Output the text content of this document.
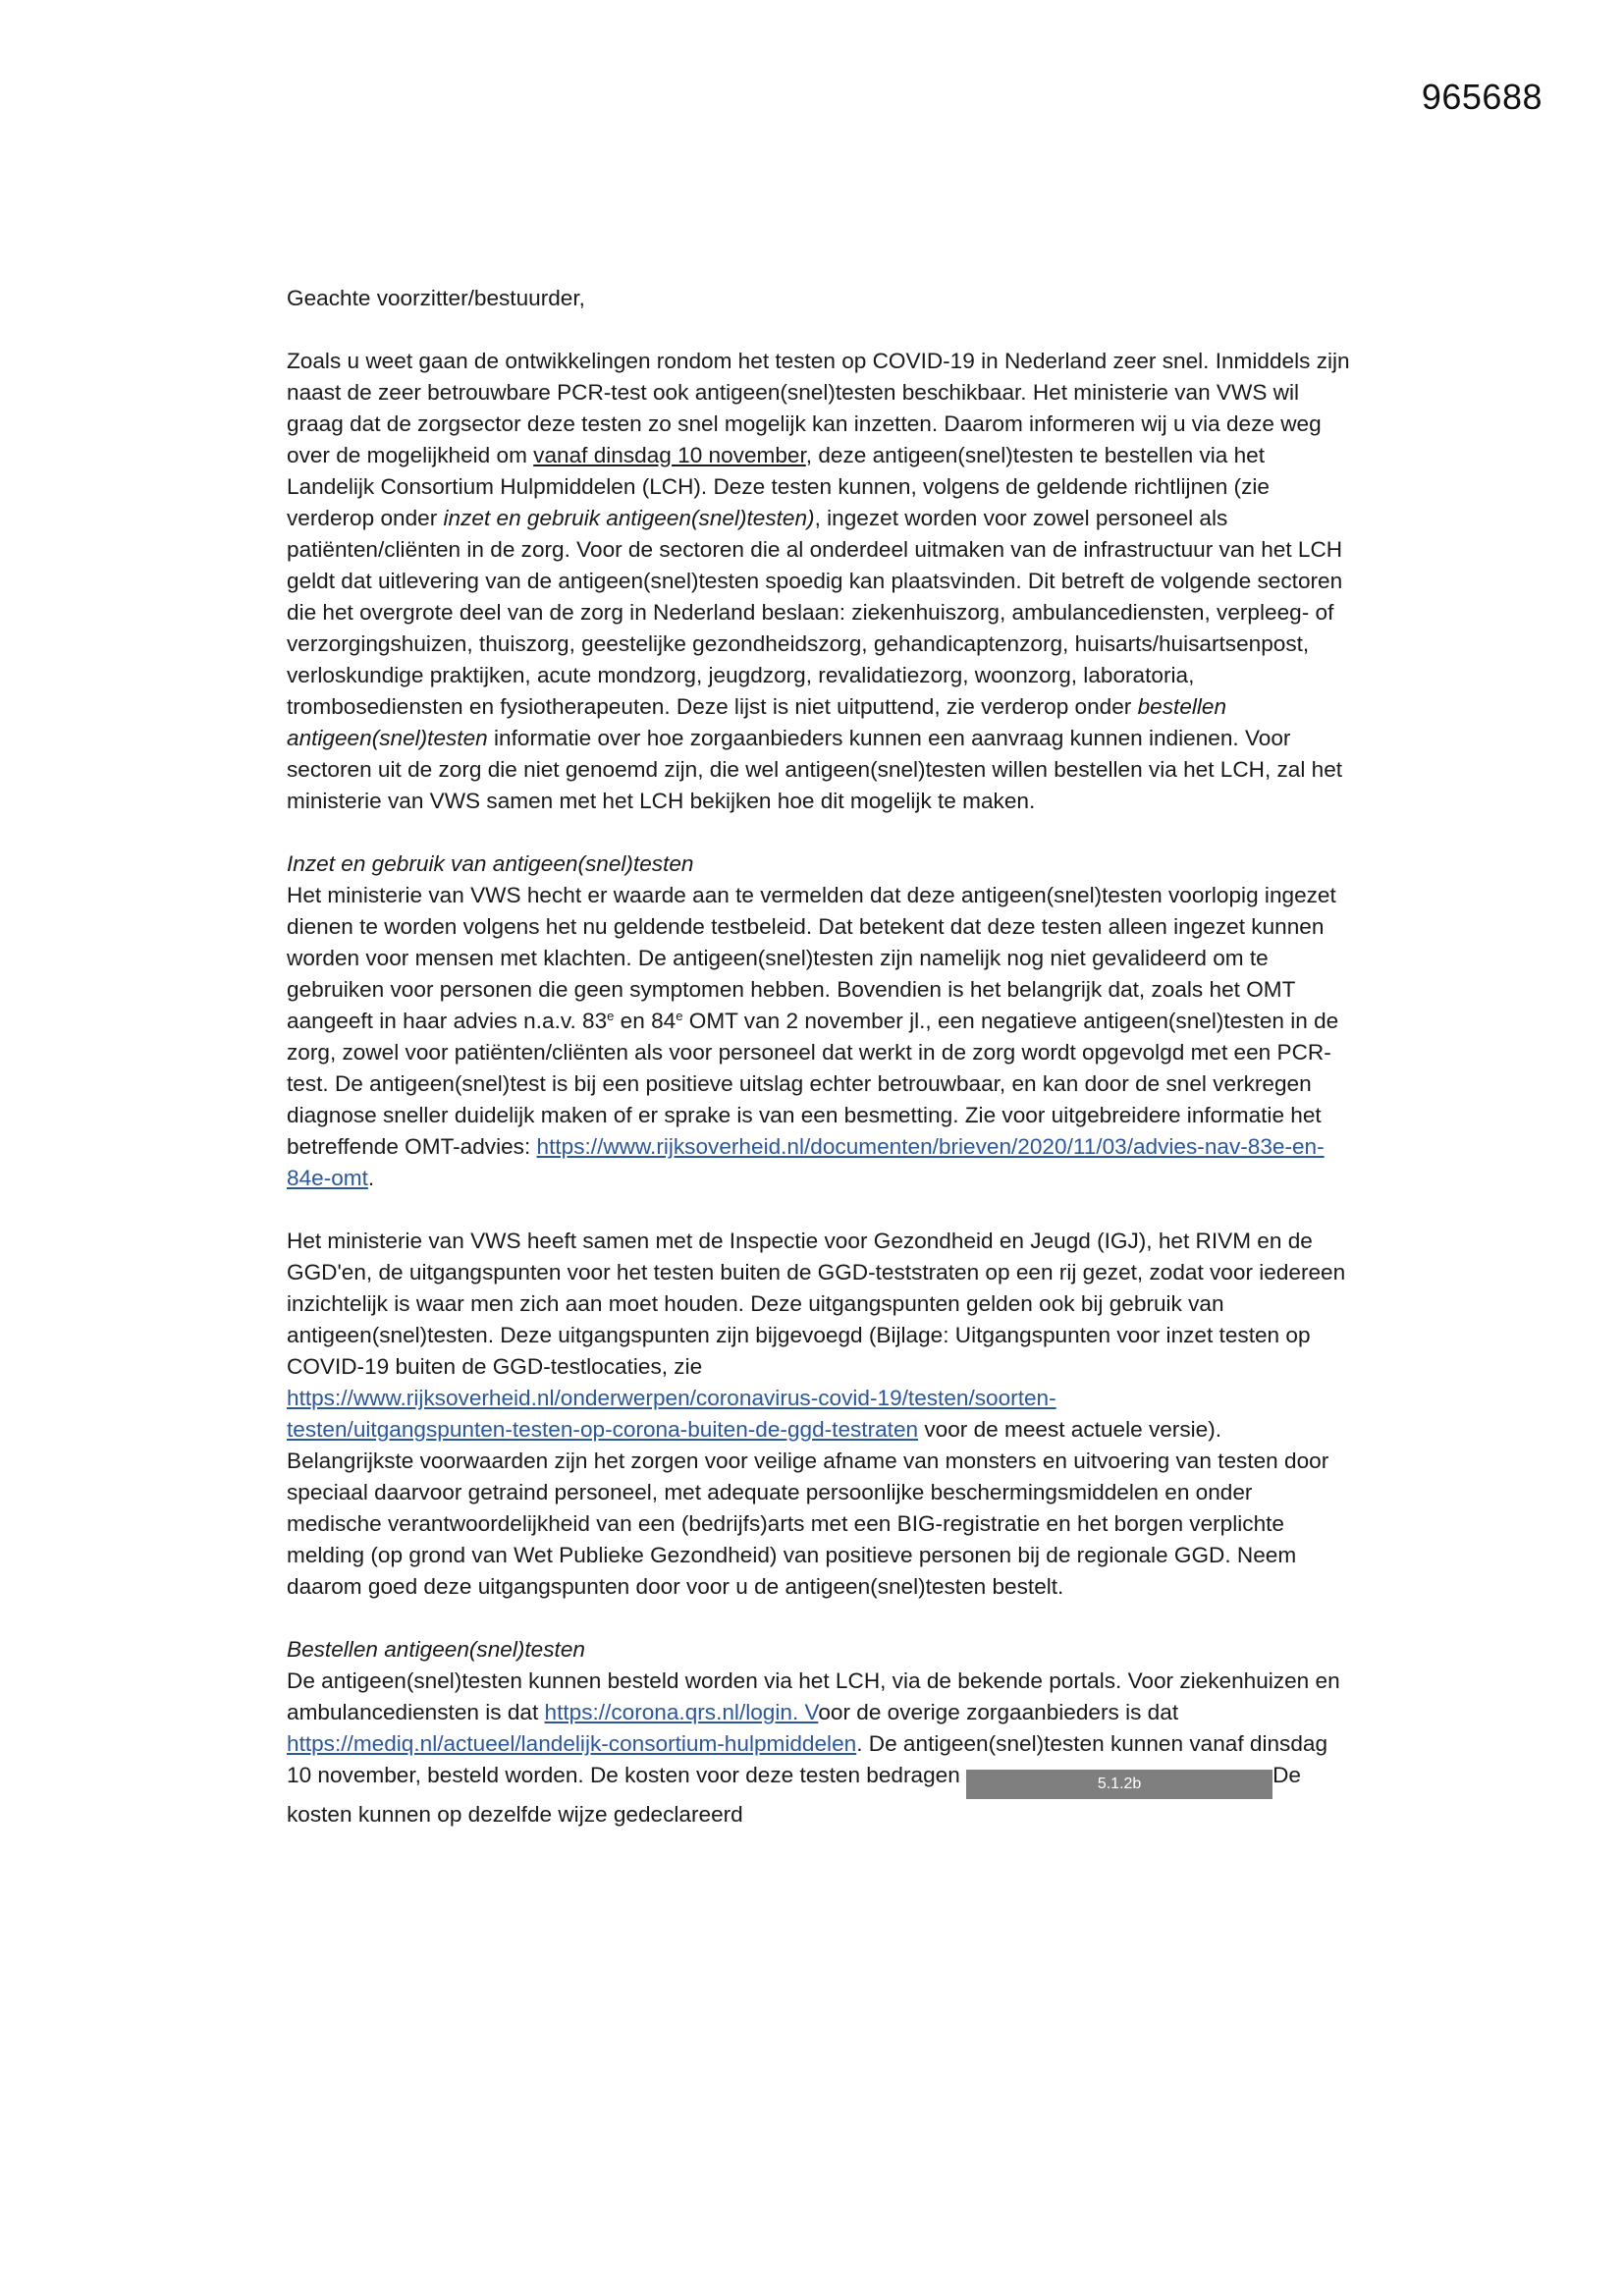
965688

Geachte voorzitter/bestuurder,

Zoals u weet gaan de ontwikkelingen rondom het testen op COVID-19 in Nederland zeer snel. Inmiddels zijn naast de zeer betrouwbare PCR-test ook antigeen(snel)testen beschikbaar. Het ministerie van VWS wil graag dat de zorgsector deze testen zo snel mogelijk kan inzetten. Daarom informeren wij u via deze weg over de mogelijkheid om vanaf dinsdag 10 november, deze antigeen(snel)testen te bestellen via het Landelijk Consortium Hulpmiddelen (LCH). Deze testen kunnen, volgens de geldende richtlijnen (zie verderop onder inzet en gebruik antigeen(snel)testen), ingezet worden voor zowel personeel als patiënten/cliënten in de zorg. Voor de sectoren die al onderdeel uitmaken van de infrastructuur van het LCH geldt dat uitlevering van de antigeen(snel)testen spoedig kan plaatsvinden. Dit betreft de volgende sectoren die het overgrote deel van de zorg in Nederland beslaan: ziekenhuiszorg, ambulancediensten, verpleeg- of verzorgingshuizen, thuiszorg, geestelijke gezondheidszorg, gehandicaptenzorg, huisarts/huisartsenpost, verloskundige praktijken, acute mondzorg, jeugdzorg, revalidatiezorg, woonzorg, laboratoria, trombosediensten en fysiotherapeuten. Deze lijst is niet uitputtend, zie verderop onder bestellen antigeen(snel)testen informatie over hoe zorgaanbieders kunnen een aanvraag kunnen indienen. Voor sectoren uit de zorg die niet genoemd zijn, die wel antigeen(snel)testen willen bestellen via het LCH, zal het ministerie van VWS samen met het LCH bekijken hoe dit mogelijk te maken.

Inzet en gebruik van antigeen(snel)testen

Het ministerie van VWS hecht er waarde aan te vermelden dat deze antigeen(snel)testen voorlopig ingezet dienen te worden volgens het nu geldende testbeleid. Dat betekent dat deze testen alleen ingezet kunnen worden voor mensen met klachten. De antigeen(snel)testen zijn namelijk nog niet gevalideerd om te gebruiken voor personen die geen symptomen hebben. Bovendien is het belangrijk dat, zoals het OMT aangeeft in haar advies n.a.v. 83e en 84e OMT van 2 november jl., een negatieve antigeen(snel)testen in de zorg, zowel voor patiënten/cliënten als voor personeel dat werkt in de zorg wordt opgevolgd met een PCR-test. De antigeen(snel)test is bij een positieve uitslag echter betrouwbaar, en kan door de snel verkregen diagnose sneller duidelijk maken of er sprake is van een besmetting. Zie voor uitgebreidere informatie het betreffende OMT-advies: https://www.rijksoverheid.nl/documenten/brieven/2020/11/03/advies-nav-83e-en-84e-omt.

Het ministerie van VWS heeft samen met de Inspectie voor Gezondheid en Jeugd (IGJ), het RIVM en de GGD'en, de uitgangspunten voor het testen buiten de GGD-teststraten op een rij gezet, zodat voor iedereen inzichtelijk is waar men zich aan moet houden. Deze uitgangspunten gelden ook bij gebruik van antigeen(snel)testen. Deze uitgangspunten zijn bijgevoegd (Bijlage: Uitgangspunten voor inzet testen op COVID-19 buiten de GGD-testlocaties, zie
https://www.rijksoverheid.nl/onderwerpen/coronavirus-covid-19/testen/soorten-
testen/uitgangspunten-testen-op-corona-buiten-de-ggd-testraten voor de meest actuele versie). Belangrijkste voorwaarden zijn het zorgen voor veilige afname van monsters en uitvoering van testen door speciaal daarvoor getraind personeel, met adequate persoonlijke beschermingsmiddelen en onder medische verantwoordelijkheid van een (bedrijfs)arts met een BIG-registratie en het borgen verplichte melding (op grond van Wet Publieke Gezondheid) van positieve personen bij de regionale GGD. Neem daarom goed deze uitgangspunten door voor u de antigeen(snel)testen bestelt.

Bestellen antigeen(snel)testen

De antigeen(snel)testen kunnen besteld worden via het LCH, via de bekende portals. Voor ziekenhuizen en ambulancediensten is dat https://corona.qrs.nl/login. Voor de overige zorgaanbieders is dat https://mediq.nl/actueel/landelijk-consortium-hulpmiddelen. De antigeen(snel)testen kunnen vanaf dinsdag 10 november, besteld worden. De kosten voor deze testen bedragen	5.1.2b	De kosten kunnen op dezelfde wijze gedeclareerd
